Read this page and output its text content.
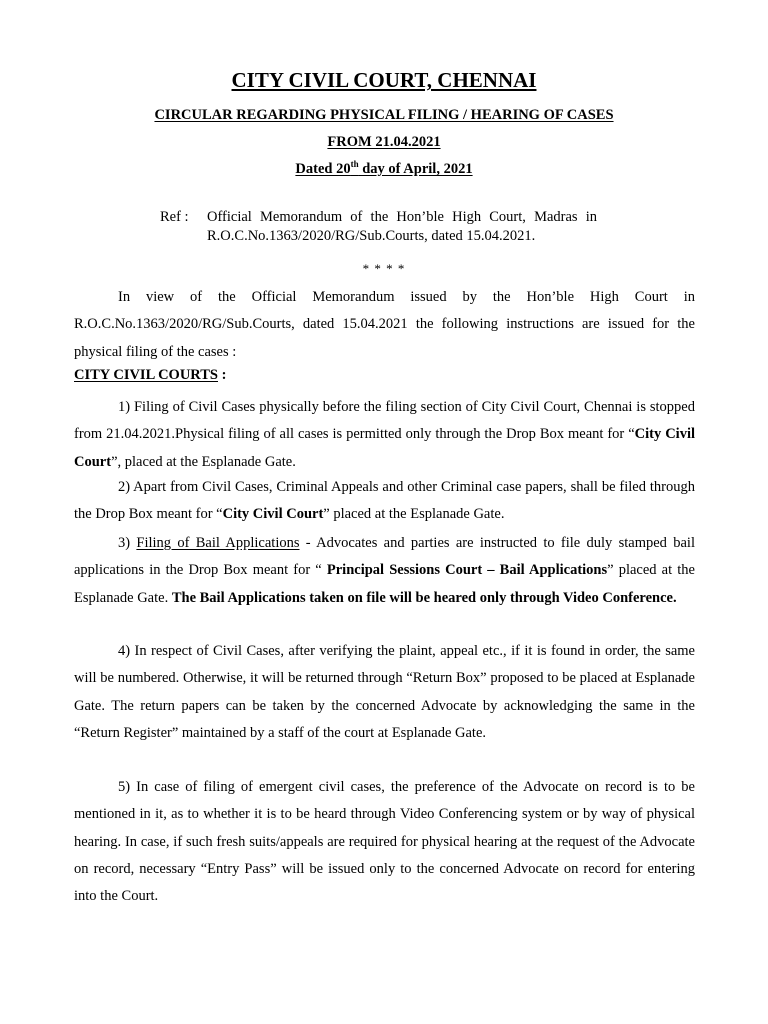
CITY CIVIL COURT, CHENNAI
CIRCULAR REGARDING PHYSICAL FILING / HEARING OF CASES
FROM 21.04.2021
Dated 20th day of April, 2021
Ref : Official Memorandum of the Hon’ble High Court, Madras in R.O.C.No.1363/2020/RG/Sub.Courts, dated 15.04.2021.
* * * *
In view of the Official Memorandum issued by the Hon’ble High Court in R.O.C.No.1363/2020/RG/Sub.Courts, dated 15.04.2021 the following instructions are issued for the physical filing of the cases :
CITY CIVIL COURTS :
1) Filing of Civil Cases physically before the filing section of City Civil Court, Chennai is stopped from 21.04.2021.Physical filing of all cases is permitted only through the Drop Box meant for “City Civil Court”, placed at the Esplanade Gate.
2) Apart from Civil Cases, Criminal Appeals and other Criminal case papers, shall be filed through the Drop Box meant for “City Civil Court” placed at the Esplanade Gate.
3) Filing of Bail Applications - Advocates and parties are instructed to file duly stamped bail applications in the Drop Box meant for “ Principal Sessions Court – Bail Applications” placed at the Esplanade Gate. The Bail Applications taken on file will be heared only through Video Conference.
4) In respect of Civil Cases, after verifying the plaint, appeal etc., if it is found in order, the same will be numbered. Otherwise, it will be returned through “Return Box” proposed to be placed at Esplanade Gate. The return papers can be taken by the concerned Advocate by acknowledging the same in the “Return Register” maintained by a staff of the court at Esplanade Gate.
5) In case of filing of emergent civil cases, the preference of the Advocate on record is to be mentioned in it, as to whether it is to be heard through Video Conferencing system or by way of physical hearing. In case, if such fresh suits/appeals are required for physical hearing at the request of the Advocate on record, necessary “Entry Pass” will be issued only to the concerned Advocate on record for entering into the Court.
